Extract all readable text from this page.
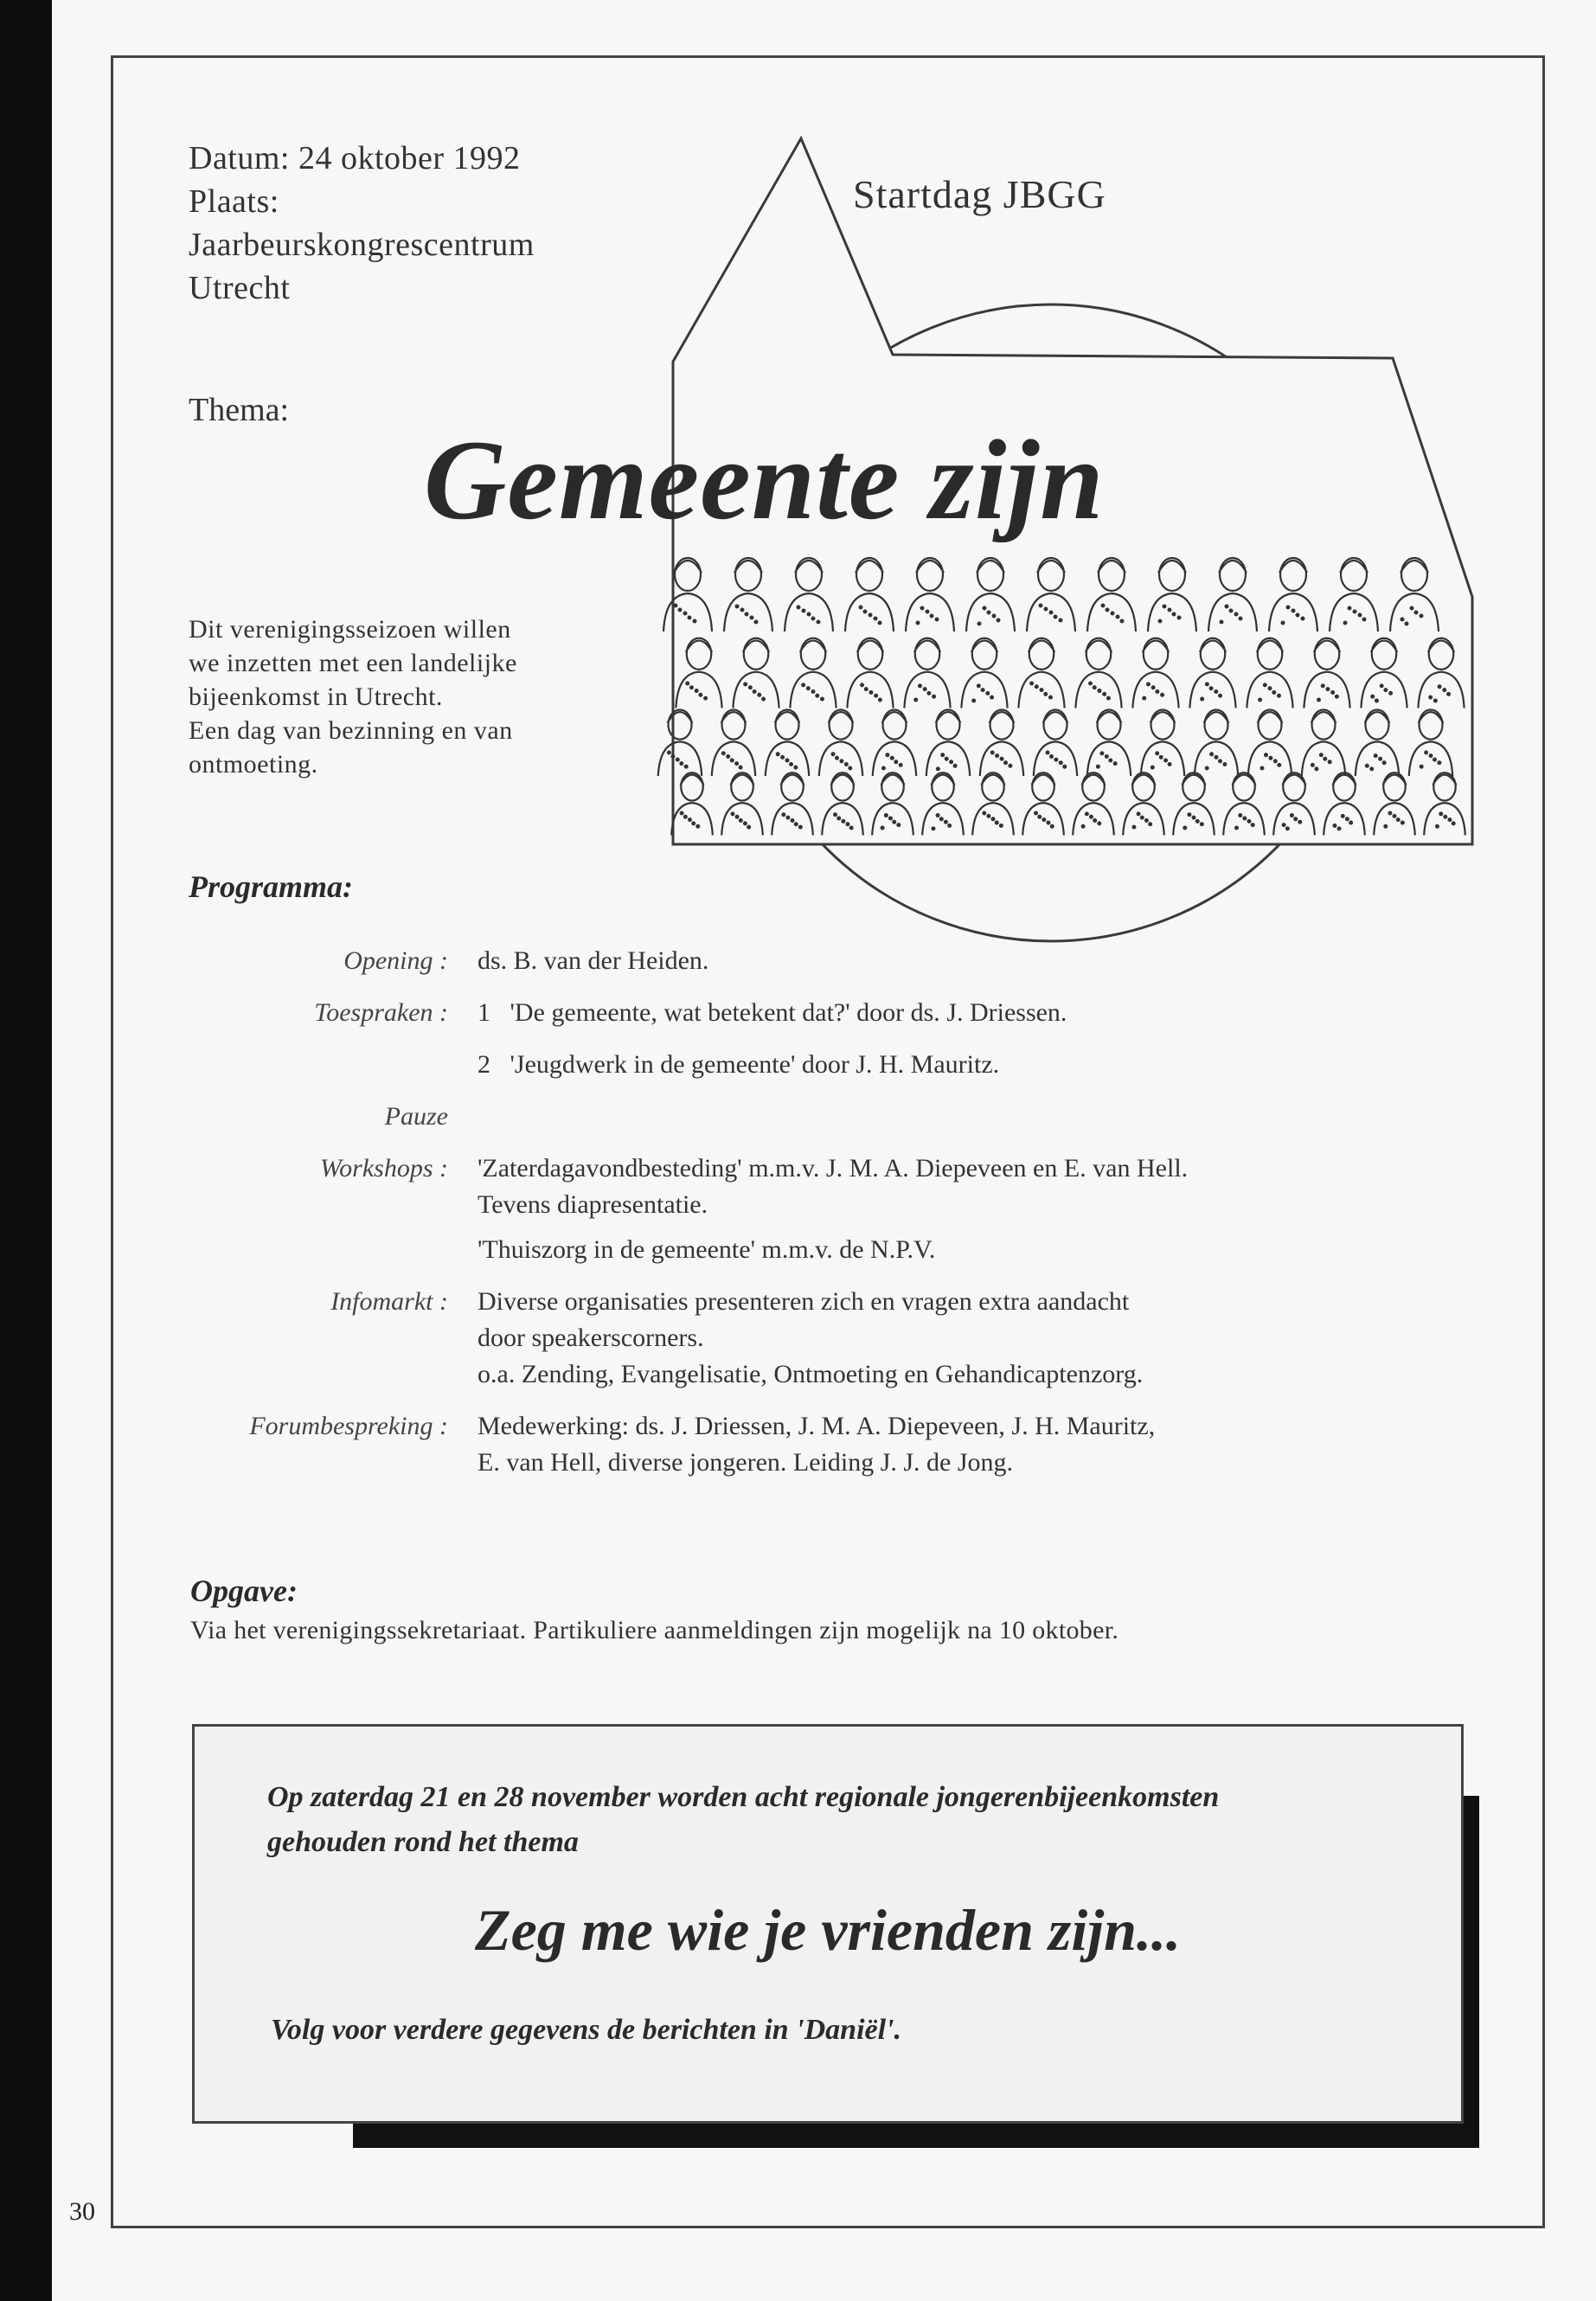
Datum: 24 oktober 1992
Plaats:
Jaarbeurskongrescentrum
Utrecht
Thema:
Startdag JBGG
Gemeente zijn
Dit verenigingsseizoen willen
we inzetten met een landelijke
bijeenkomst in Utrecht.
Een dag van bezinning en van
ontmoeting.
Programma:
Opening :	ds. B. van der Heiden.
Toespraken :	1   'De gemeente, wat betekent dat?' door ds. J. Driessen.
2   'Jeugdwerk in de gemeente' door J. H. Mauritz.
Pauze
Workshops :	'Zaterdagavondbesteding' m.m.v. J. M. A. Diepeveen en E. van Hell.
Tevens diapresentatie.
'Thuiszorg in de gemeente' m.m.v. de N.P.V.
Infomarkt :	Diverse organisaties presenteren zich en vragen extra aandacht
door speakerscorners.
o.a. Zending, Evangelisatie, Ontmoeting en Gehandicaptenzorg.
Forumbespreking :	Medewerking: ds. J. Driessen, J. M. A. Diepeveen, J. H. Mauritz,
E. van Hell, diverse jongeren. Leiding J. J. de Jong.
Opgave:
Via het verenigingssekretariaat. Partikuliere aanmeldingen zijn mogelijk na 10 oktober.
Op zaterdag 21 en 28 november worden acht regionale jongerenbijeenkomsten
gehouden rond het thema
Zeg me wie je vrienden zijn...
Volg voor verdere gegevens de berichten in 'Daniël'.
30
